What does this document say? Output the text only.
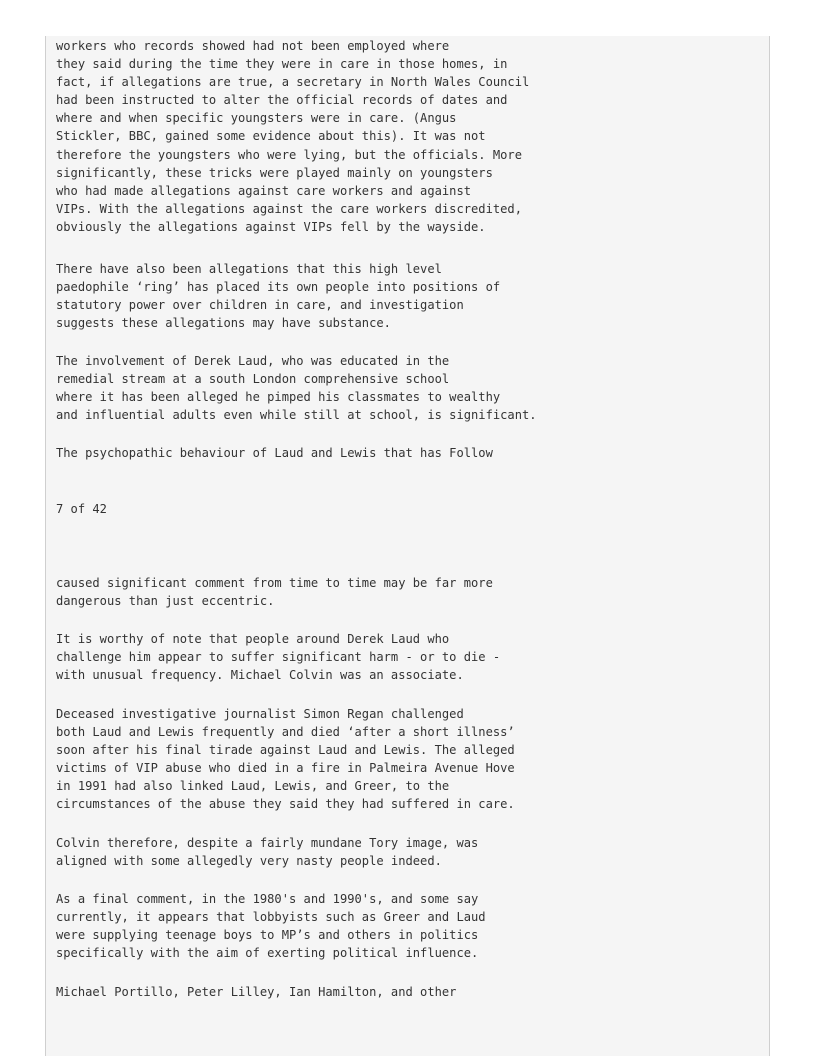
workers who records showed had not been employed where
they said during the time they were in care in those homes, in
fact, if allegations are true, a secretary in North Wales Council
had been instructed to alter the official records of dates and
where and when specific youngsters were in care. (Angus
Stickler, BBC, gained some evidence about this). It was not
therefore the youngsters who were lying, but the officials. More
significantly, these tricks were played mainly on youngsters
who had made allegations against care workers and against
VIPs. With the allegations against the care workers discredited,
obviously the allegations against VIPs fell by the wayside.

There have also been allegations that this high level
paedophile ‘ring’ has placed its own people into positions of
statutory power over children in care, and investigation
suggests these allegations may have substance.

The involvement of Derek Laud, who was educated in the
remedial stream at a south London comprehensive school
where it has been alleged he pimped his classmates to wealthy
and influential adults even while still at school, is significant.

The psychopathic behaviour of Laud and Lewis that has Follow

7 of 42

caused significant comment from time to time may be far more
dangerous than just eccentric.

It is worthy of note that people around Derek Laud who
challenge him appear to suffer significant harm - or to die -
with unusual frequency. Michael Colvin was an associate.

Deceased investigative journalist Simon Regan challenged
both Laud and Lewis frequently and died ‘after a short illness’
soon after his final tirade against Laud and Lewis. The alleged
victims of VIP abuse who died in a fire in Palmeira Avenue Hove
in 1991 had also linked Laud, Lewis, and Greer, to the
circumstances of the abuse they said they had suffered in care.

Colvin therefore, despite a fairly mundane Tory image, was
aligned with some allegedly very nasty people indeed.

As a final comment, in the 1980's and 1990's, and some say
currently, it appears that lobbyists such as Greer and Laud
were supplying teenage boys to MP’s and others in politics
specifically with the aim of exerting political influence.

Michael Portillo, Peter Lilley, Ian Hamilton, and other
